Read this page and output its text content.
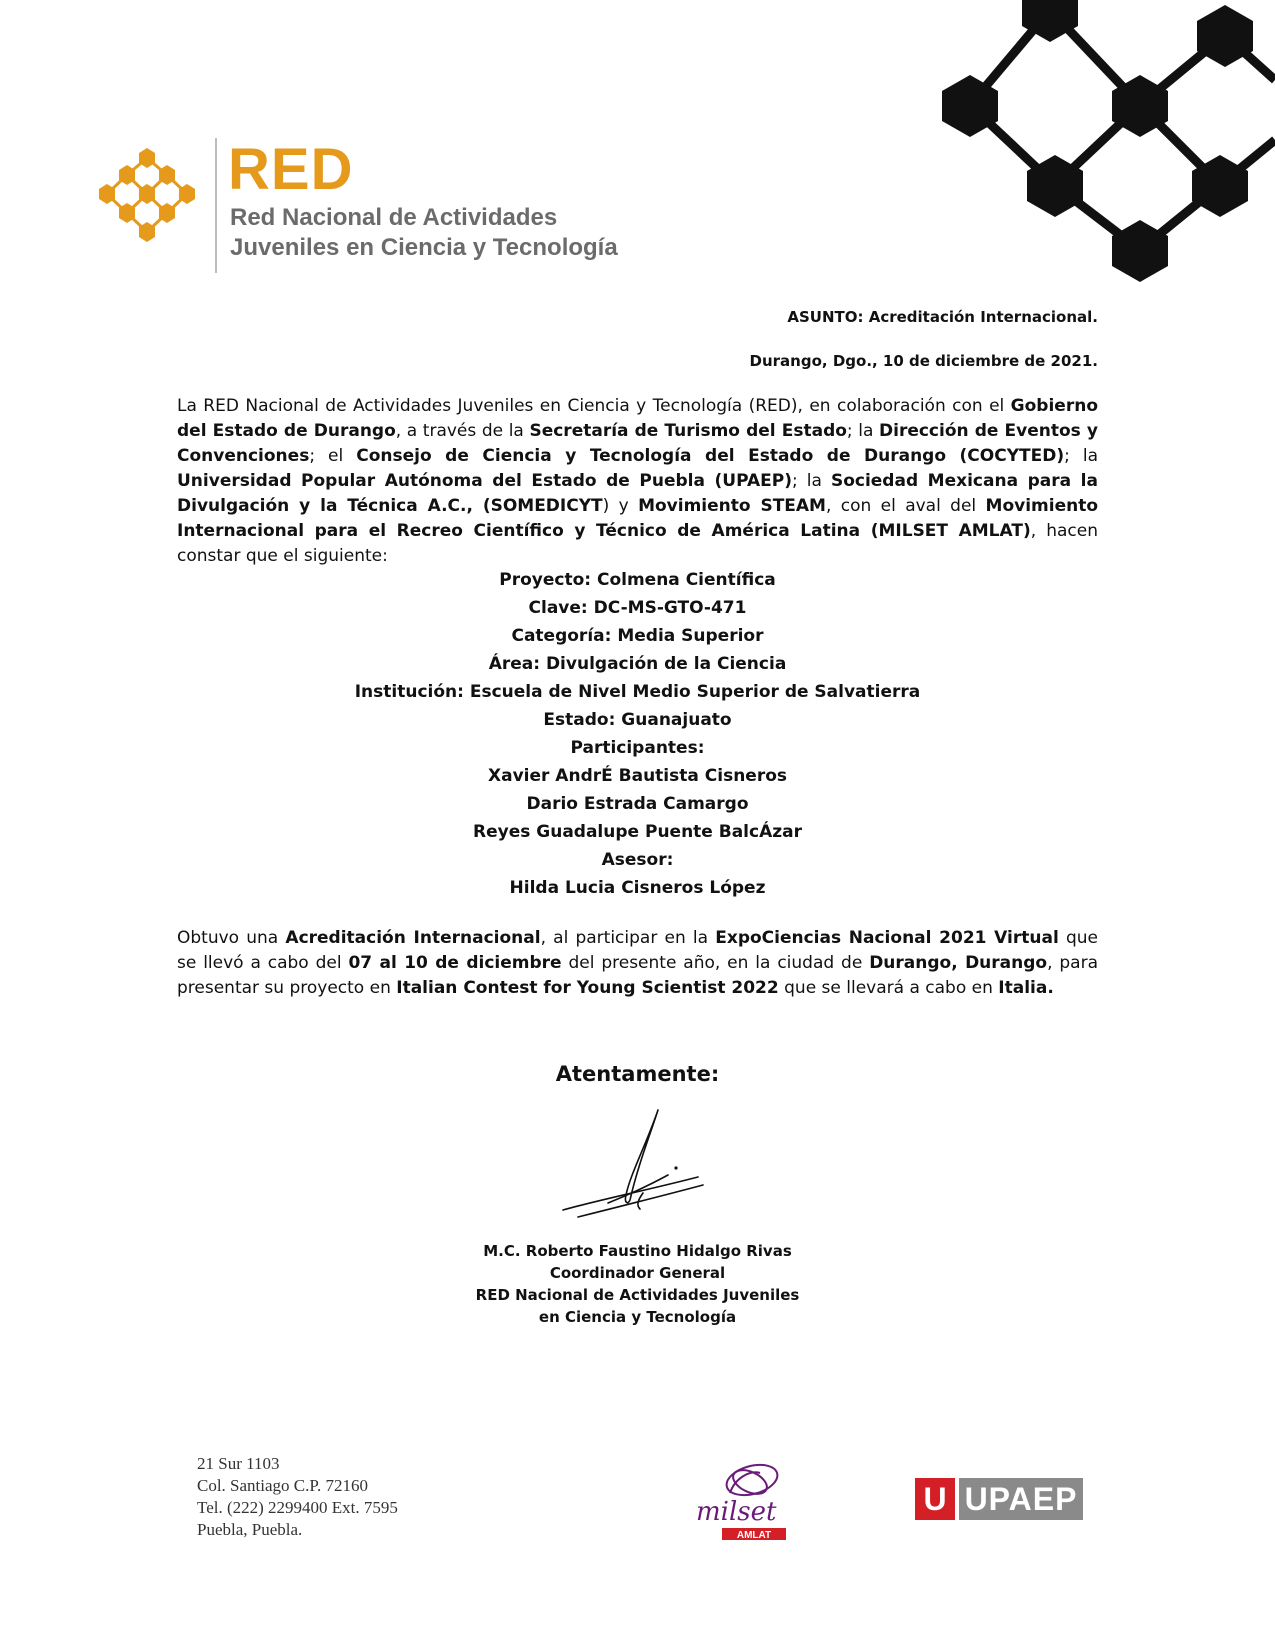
RED
Red Nacional de Actividades
Juveniles en Ciencia y Tecnología
ASUNTO: Acreditación Internacional.
Durango, Dgo., 10 de diciembre de 2021.
La RED Nacional de Actividades Juveniles en Ciencia y Tecnología (RED), en colaboración con el Gobierno del Estado de Durango, a través de la Secretaría de Turismo del Estado; la Dirección de Eventos y Convenciones; el Consejo de Ciencia y Tecnología del Estado de Durango (COCYTED); la Universidad Popular Autónoma del Estado de Puebla (UPAEP); la Sociedad Mexicana para la Divulgación y la Técnica A.C., (SOMEDICYT) y Movimiento STEAM, con el aval del Movimiento Internacional para el Recreo Científico y Técnico de América Latina (MILSET AMLAT), hacen constar que el siguiente:
Proyecto: Colmena Científica
Clave: DC-MS-GTO-471
Categoría: Media Superior
Área: Divulgación de la Ciencia
Institución: Escuela de Nivel Medio Superior de Salvatierra
Estado: Guanajuato
Participantes:
Xavier AndrÉ Bautista Cisneros
Dario Estrada Camargo
Reyes Guadalupe Puente BalcÁzar
Asesor:
Hilda Lucia Cisneros López
Obtuvo una Acreditación Internacional, al participar en la ExpoCiencias Nacional 2021 Virtual que se llevó a cabo del 07 al 10 de diciembre del presente año, en la ciudad de Durango, Durango, para presentar su proyecto en Italian Contest for Young Scientist 2022 que se llevará a cabo en Italia.
Atentamente:
M.C. Roberto Faustino Hidalgo Rivas
Coordinador General
RED Nacional de Actividades Juveniles
en Ciencia y Tecnología
21 Sur 1103
Col. Santiago C.P. 72160
Tel. (222) 2299400 Ext. 7595
Puebla, Puebla.
milset
AMLAT
U UPAEP
